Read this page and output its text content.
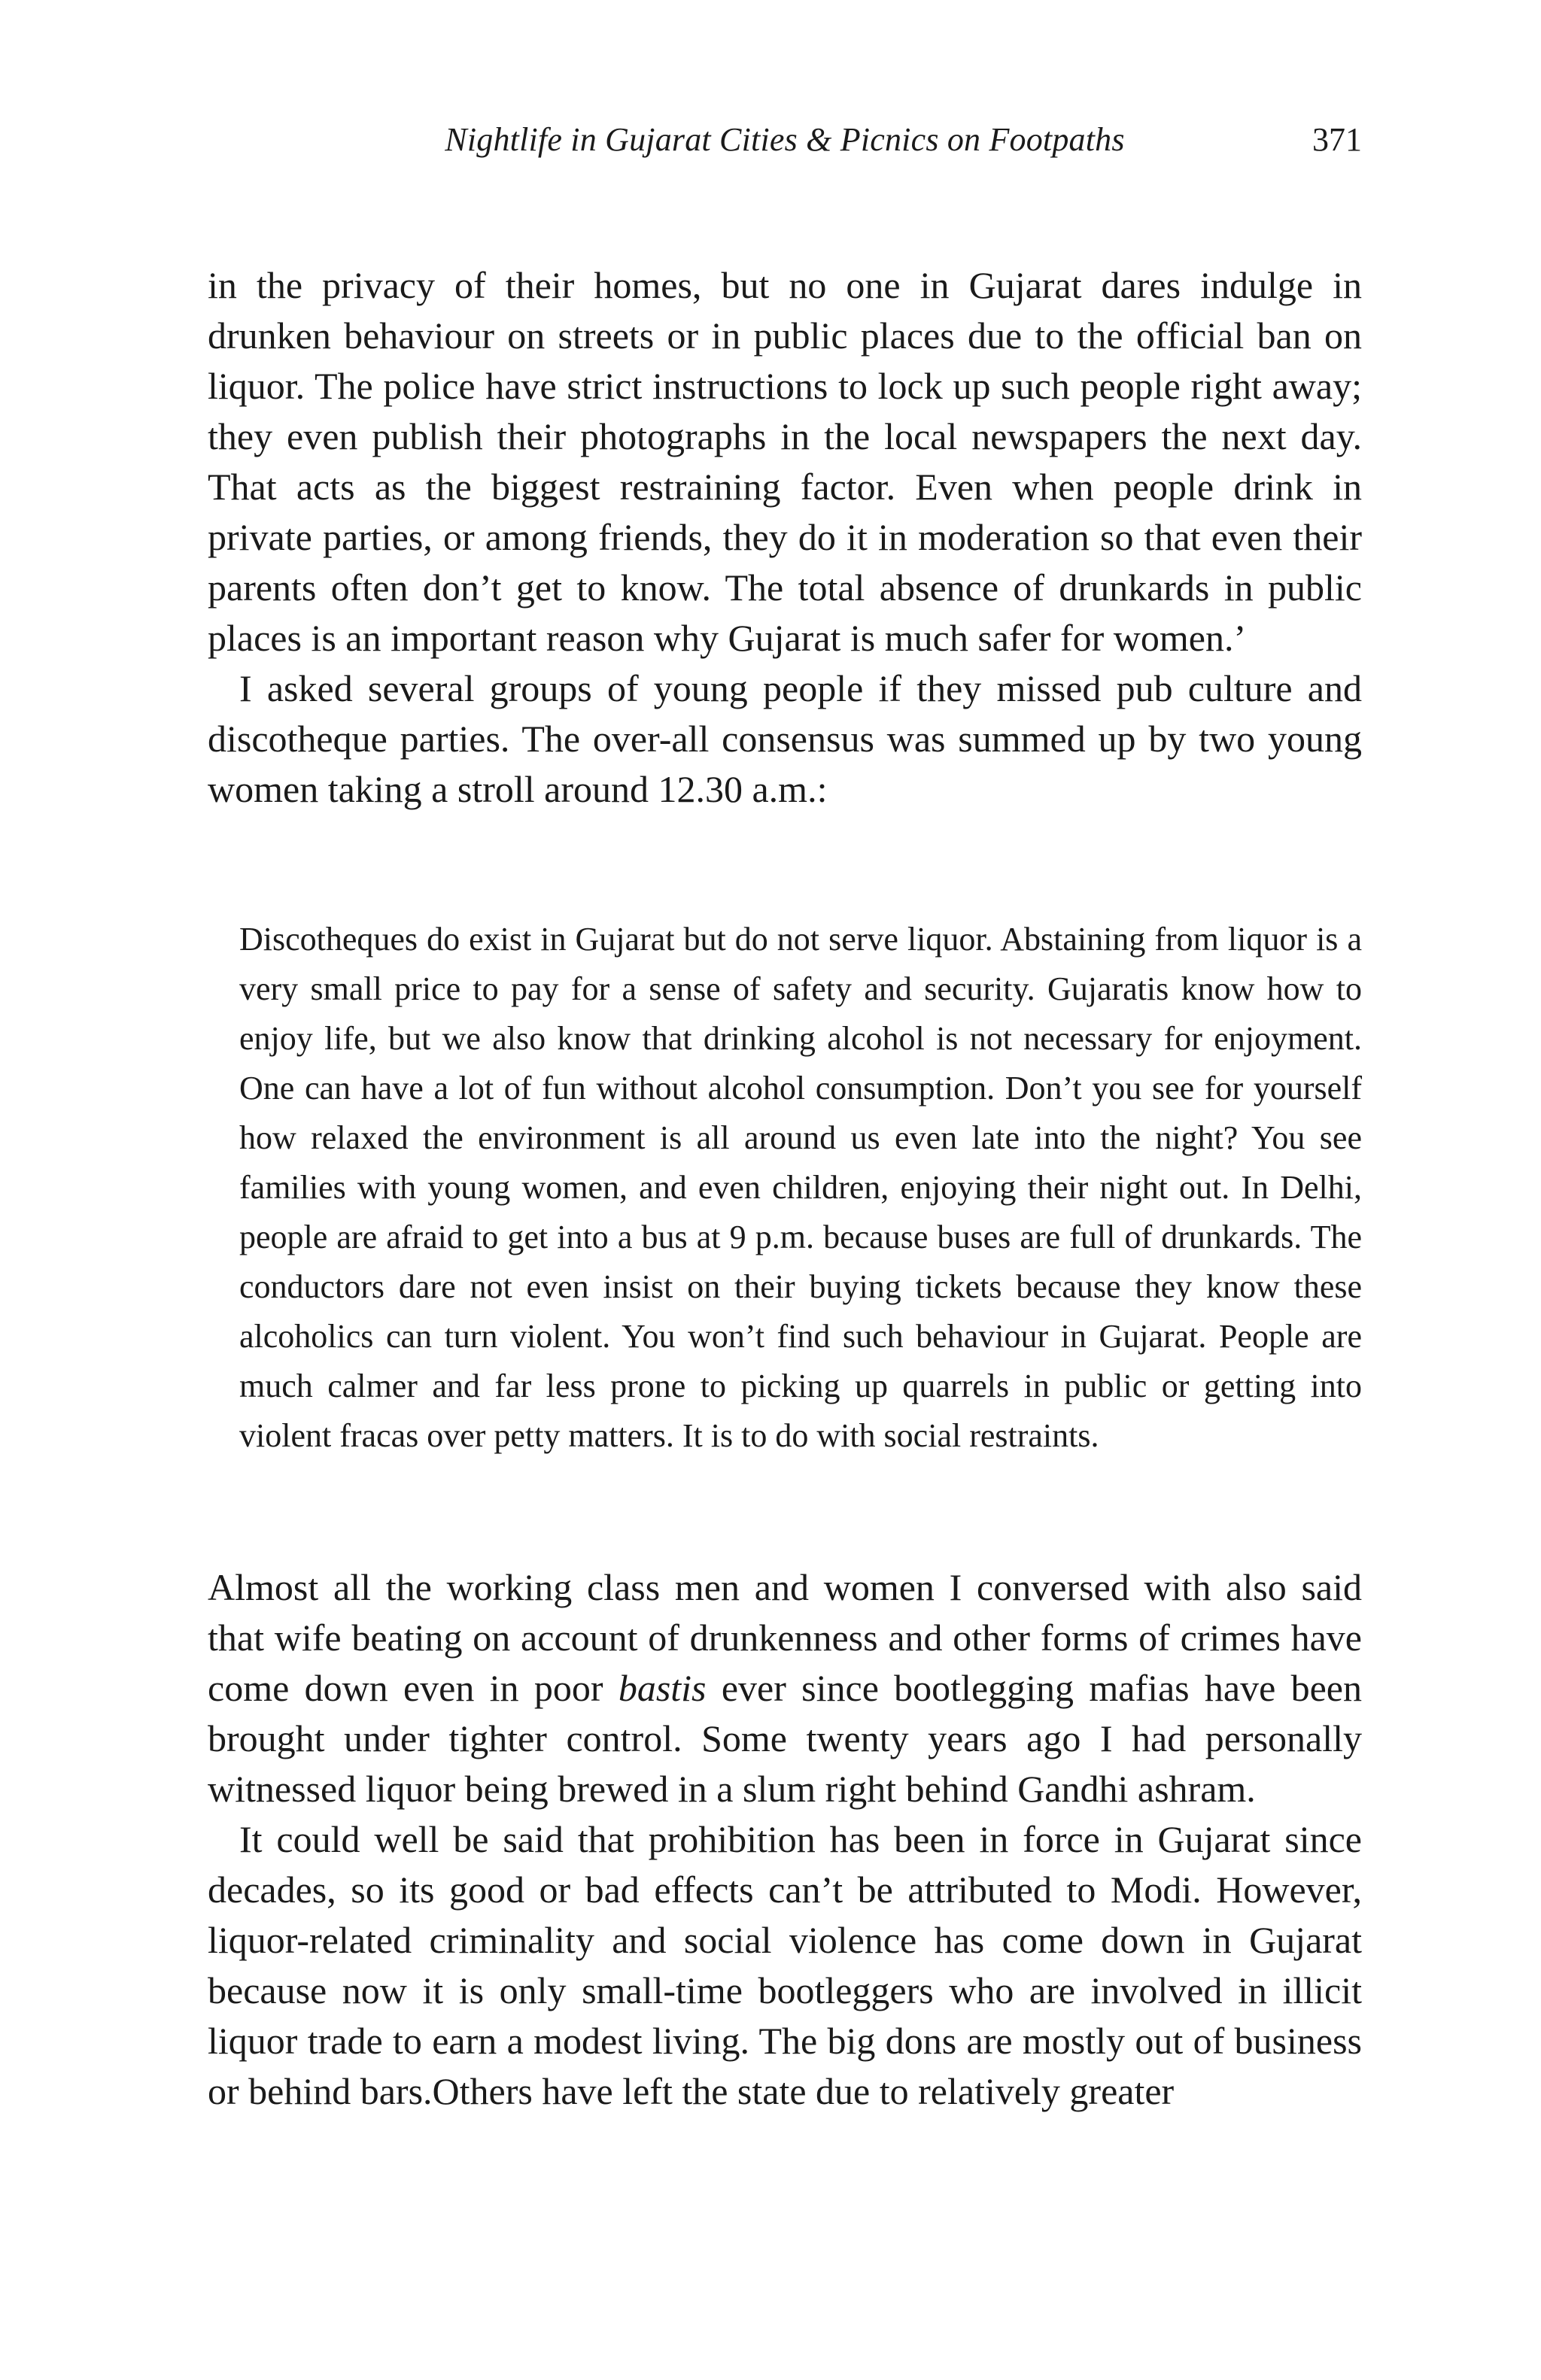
Nightlife in Gujarat Cities & Picnics on Footpaths	371

in the privacy of their homes, but no one in Gujarat dares indulge in drunken behaviour on streets or in public places due to the official ban on liquor. The police have strict instructions to lock up such people right away; they even publish their photographs in the local newspapers the next day. That acts as the biggest restraining factor. Even when people drink in private parties, or among friends, they do it in moderation so that even their parents often don’t get to know. The total absence of drunkards in public places is an important reason why Gujarat is much safer for women.’

I asked several groups of young people if they missed pub culture and discotheque parties. The over-all consensus was summed up by two young women taking a stroll around 12.30 a.m.:

Discotheques do exist in Gujarat but do not serve liquor. Abstaining from liquor is a very small price to pay for a sense of safety and security. Gujaratis know how to enjoy life, but we also know that drinking alcohol is not necessary for enjoyment. One can have a lot of fun without alcohol consumption. Don’t you see for yourself how relaxed the environment is all around us even late into the night? You see families with young women, and even children, enjoying their night out. In Delhi, people are afraid to get into a bus at 9 p.m. because buses are full of drunkards. The conductors dare not even insist on their buying tickets because they know these alcoholics can turn violent. You won’t find such behaviour in Gujarat. People are much calmer and far less prone to picking up quarrels in public or getting into violent fracas over petty matters. It is to do with social restraints.

Almost all the working class men and women I conversed with also said that wife beating on account of drunkenness and other forms of crimes have come down even in poor bastis ever since bootlegging mafias have been brought under tighter control. Some twenty years ago I had personally witnessed liquor being brewed in a slum right behind Gandhi ashram.

It could well be said that prohibition has been in force in Gujarat since decades, so its good or bad effects can’t be attributed to Modi. However, liquor-related criminality and social violence has come down in Gujarat because now it is only small-time bootleggers who are involved in illicit liquor trade to earn a modest living. The big dons are mostly out of business or behind bars.Others have left the state due to relatively greater
